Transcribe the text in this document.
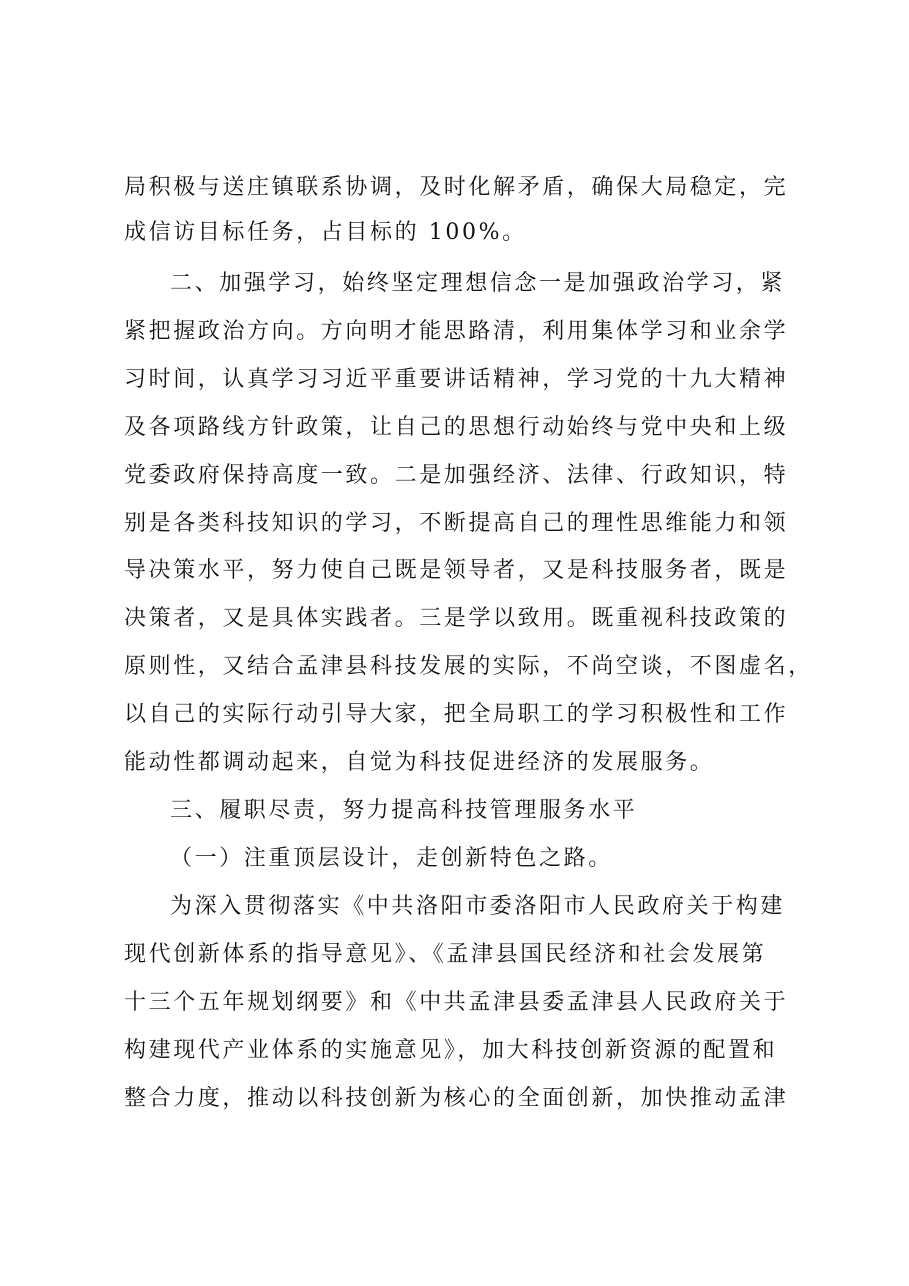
局积极与送庄镇联系协调，及时化解矛盾，确保大局稳定，完
成信访目标任务，占目标的 100%。
二、加强学习，始终坚定理想信念一是加强政治学习，紧
紧把握政治方向。方向明才能思路清，利用集体学习和业余学
习时间，认真学习习近平重要讲话精神，学习党的十九大精神
及各项路线方针政策，让自己的思想行动始终与党中央和上级
党委政府保持高度一致。二是加强经济、法律、行政知识，特
别是各类科技知识的学习，不断提高自己的理性思维能力和领
导决策水平，努力使自己既是领导者，又是科技服务者，既是
决策者，又是具体实践者。三是学以致用。既重视科技政策的
原则性，又结合孟津县科技发展的实际，不尚空谈，不图虚名，
以自己的实际行动引导大家，把全局职工的学习积极性和工作
能动性都调动起来，自觉为科技促进经济的发展服务。
三、履职尽责，努力提高科技管理服务水平
（一）注重顶层设计，走创新特色之路。
为深入贯彻落实《中共洛阳市委洛阳市人民政府关于构建
现代创新体系的指导意见》、《孟津县国民经济和社会发展第
十三个五年规划纲要》和《中共孟津县委孟津县人民政府关于
构建现代产业体系的实施意见》，加大科技创新资源的配置和
整合力度，推动以科技创新为核心的全面创新，加快推动孟津
